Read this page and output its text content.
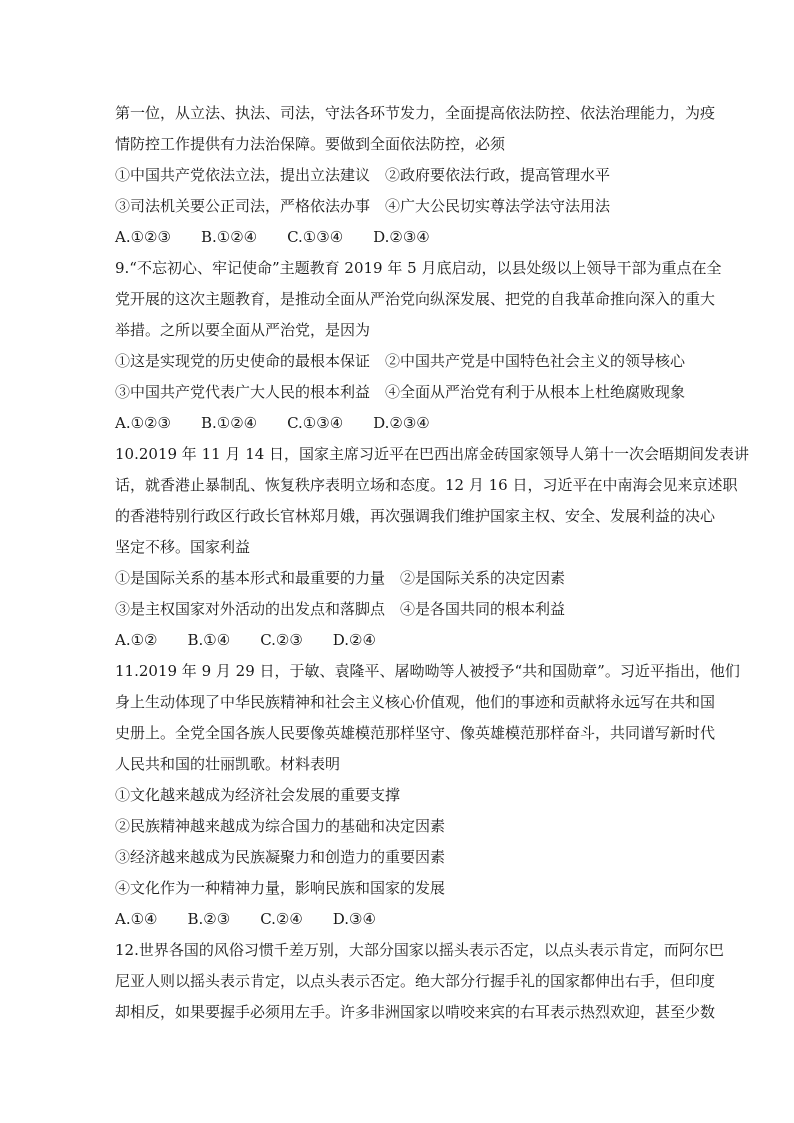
第一位，从立法、执法、司法，守法各环节发力，全面提高依法防控、依法治理能力，为疫
情防控工作提供有力法治保障。要做到全面依法防控，必须
①中国共产党依法立法，提出立法建议 ②政府要依法行政，提高管理水平
③司法机关要公正司法，严格依法办事 ④广大公民切实尊法学法守法用法
A.①②③ B.①②④ C.①③④ D.②③④
9.“不忘初心、牢记使命”主题教育 2019 年 5 月底启动，以县处级以上领导干部为重点在全
党开展的这次主题教育，是推动全面从严治党向纵深发展、把党的自我革命推向深入的重大
举措。之所以要全面从严治党，是因为
①这是实现党的历史使命的最根本保证 ②中国共产党是中国特色社会主义的领导核心
③中国共产党代表广大人民的根本利益 ④全面从严治党有利于从根本上杜绝腐败现象
A.①②③ B.①②④ C.①③④ D.②③④
10.2019 年 11 月 14 日，国家主席习近平在巴西出席金砖国家领导人第十一次会晤期间发表讲
话，就香港止暴制乱、恢复秩序表明立场和态度。12 月 16 日，习近平在中南海会见来京述职
的香港特别行政区行政长官林郑月娥，再次强调我们维护国家主权、安全、发展利益的决心
坚定不移。国家利益
①是国际关系的基本形式和最重要的力量 ②是国际关系的决定因素
③是主权国家对外活动的出发点和落脚点 ④是各国共同的根本利益
A.①② B.①④ C.②③ D.②④
11.2019 年 9 月 29 日，于敏、袁隆平、屠呦呦等人被授予“共和国勋章”。习近平指出，他们
身上生动体现了中华民族精神和社会主义核心价值观，他们的事迹和贡献将永远写在共和国
史册上。全党全国各族人民要像英雄模范那样坚守、像英雄模范那样奋斗，共同谱写新时代
人民共和国的壮丽凯歌。材料表明
①文化越来越成为经济社会发展的重要支撑
②民族精神越来越成为综合国力的基础和决定因素
③经济越来越成为民族凝聚力和创造力的重要因素
④文化作为一种精神力量，影响民族和国家的发展
A.①④ B.②③ C.②④ D.③④
12.世界各国的风俗习惯千差万别，大部分国家以摇头表示否定，以点头表示肯定，而阿尔巴
尼亚人则以摇头表示肯定，以点头表示否定。绝大部分行握手礼的国家都伸出右手，但印度
却相反，如果要握手必须用左手。许多非洲国家以啃咬来宾的右耳表示热烈欢迎，甚至少数
